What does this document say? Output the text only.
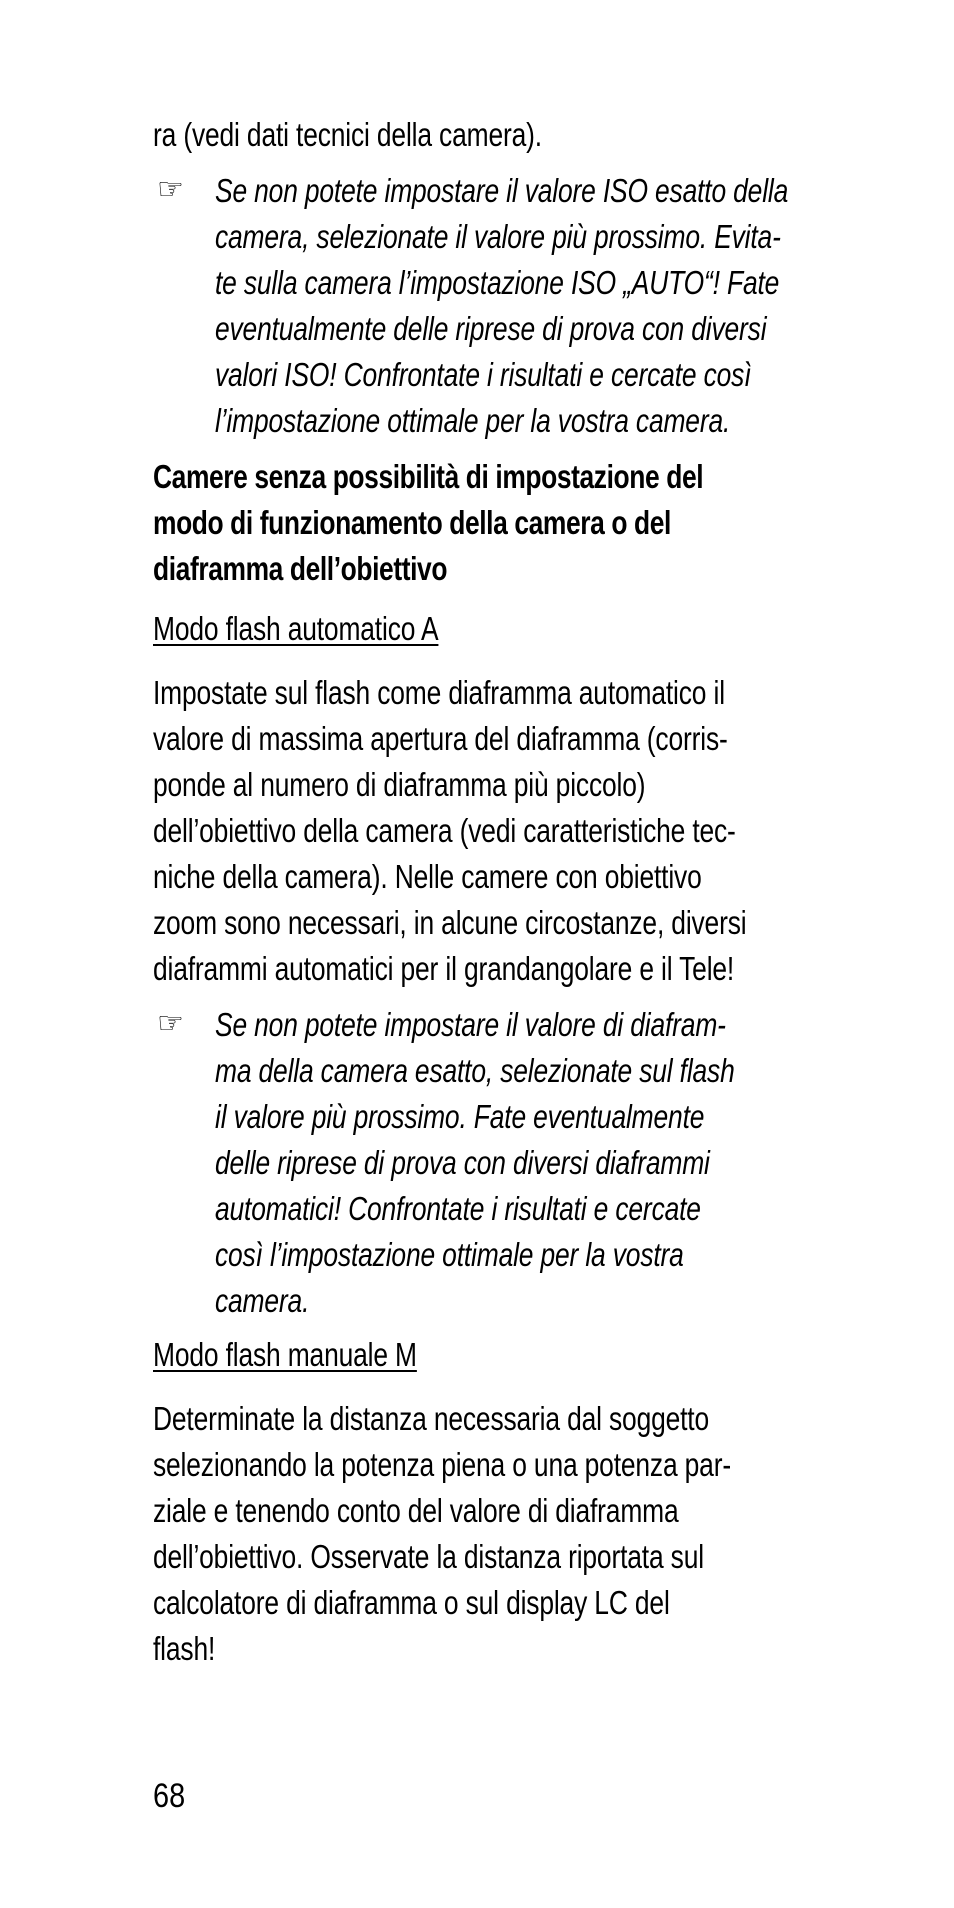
ra (vedi dati tecnici della camera).
☞ Se non potete impostare il valore ISO esatto della
camera, selezionate il valore più prossimo. Evita-
te sulla camera l’impostazione ISO „AUTO“! Fate
eventualmente delle riprese di prova con diversi
valori ISO! Confrontate i risultati e cercate così
l’impostazione ottimale per la vostra camera.
Camere senza possibilità di impostazione del
modo di funzionamento della camera o del
diaframma dell’obiettivo
Modo flash automatico A
Impostate sul flash come diaframma automatico il
valore di massima apertura del diaframma (corris-
ponde al numero di diaframma più piccolo)
dell’obiettivo della camera (vedi caratteristiche tec-
niche della camera). Nelle camere con obiettivo
zoom sono necessari, in alcune circostanze, diversi
diaframmi automatici per il grandangolare e il Tele!
☞ Se non potete impostare il valore di diafram-
ma della camera esatto, selezionate sul flash
il valore più prossimo. Fate eventualmente
delle riprese di prova con diversi diaframmi
automatici! Confrontate i risultati e cercate
così l’impostazione ottimale per la vostra
camera.
Modo flash manuale M
Determinate la distanza necessaria dal soggetto
selezionando la potenza piena o una potenza par-
ziale e tenendo conto del valore di diaframma
dell’obiettivo. Osservate la distanza riportata sul
calcolatore di diaframma o sul display LC del
flash!
68
